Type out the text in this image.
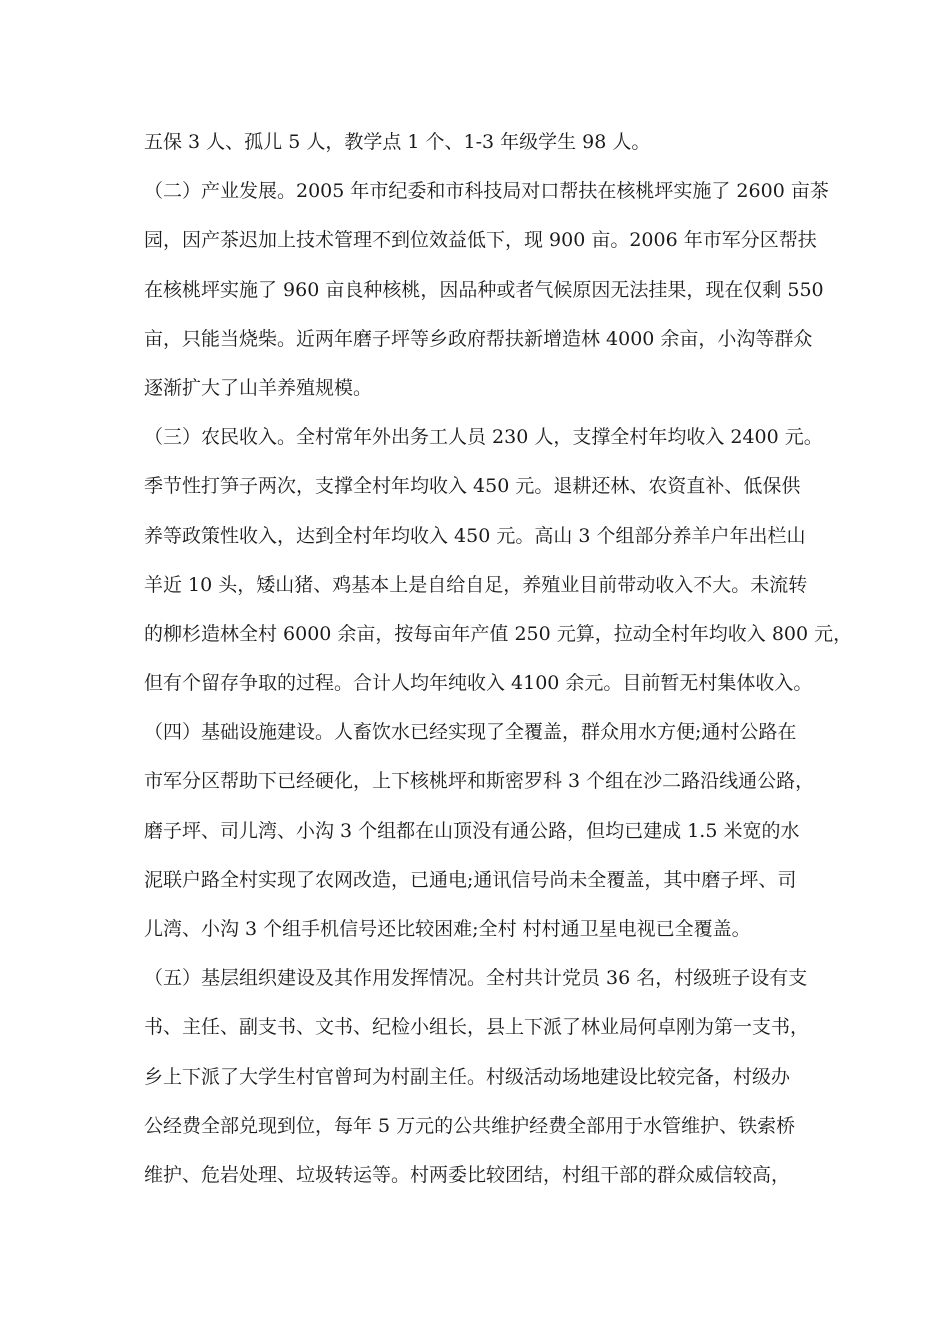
五保 3 人、孤儿 5 人，教学点 1 个、1-3 年级学生 98 人。
（二）产业发展。2005 年市纪委和市科技局对口帮扶在核桃坪实施了 2600 亩茶
园，因产茶迟加上技术管理不到位效益低下，现 900 亩。2006 年市军分区帮扶
在核桃坪实施了 960 亩良种核桃，因品种或者气候原因无法挂果，现在仅剩 550
亩，只能当烧柴。近两年磨子坪等乡政府帮扶新增造林 4000 余亩，小沟等群众
逐渐扩大了山羊养殖规模。
（三）农民收入。全村常年外出务工人员 230 人，支撑全村年均收入 2400 元。
季节性打笋子两次，支撑全村年均收入 450 元。退耕还林、农资直补、低保供
养等政策性收入，达到全村年均收入 450 元。高山 3 个组部分养羊户年出栏山
羊近 10 头，矮山猪、鸡基本上是自给自足，养殖业目前带动收入不大。未流转
的柳杉造林全村 6000 余亩，按每亩年产值 250 元算，拉动全村年均收入 800 元，
但有个留存争取的过程。合计人均年纯收入 4100 余元。目前暂无村集体收入。
（四）基础设施建设。人畜饮水已经实现了全覆盖，群众用水方便;通村公路在
市军分区帮助下已经硬化，上下核桃坪和斯密罗科 3 个组在沙二路沿线通公路，
磨子坪、司儿湾、小沟 3 个组都在山顶没有通公路，但均已建成 1.5 米宽的水
泥联户路全村实现了农网改造，已通电;通讯信号尚未全覆盖，其中磨子坪、司
儿湾、小沟 3 个组手机信号还比较困难;全村 村村通卫星电视已全覆盖。
（五）基层组织建设及其作用发挥情况。全村共计党员 36 名，村级班子设有支
书、主任、副支书、文书、纪检小组长，县上下派了林业局何卓刚为第一支书，
乡上下派了大学生村官曾珂为村副主任。村级活动场地建设比较完备，村级办
公经费全部兑现到位，每年 5 万元的公共维护经费全部用于水管维护、铁索桥
维护、危岩处理、垃圾转运等。村两委比较团结，村组干部的群众威信较高，
